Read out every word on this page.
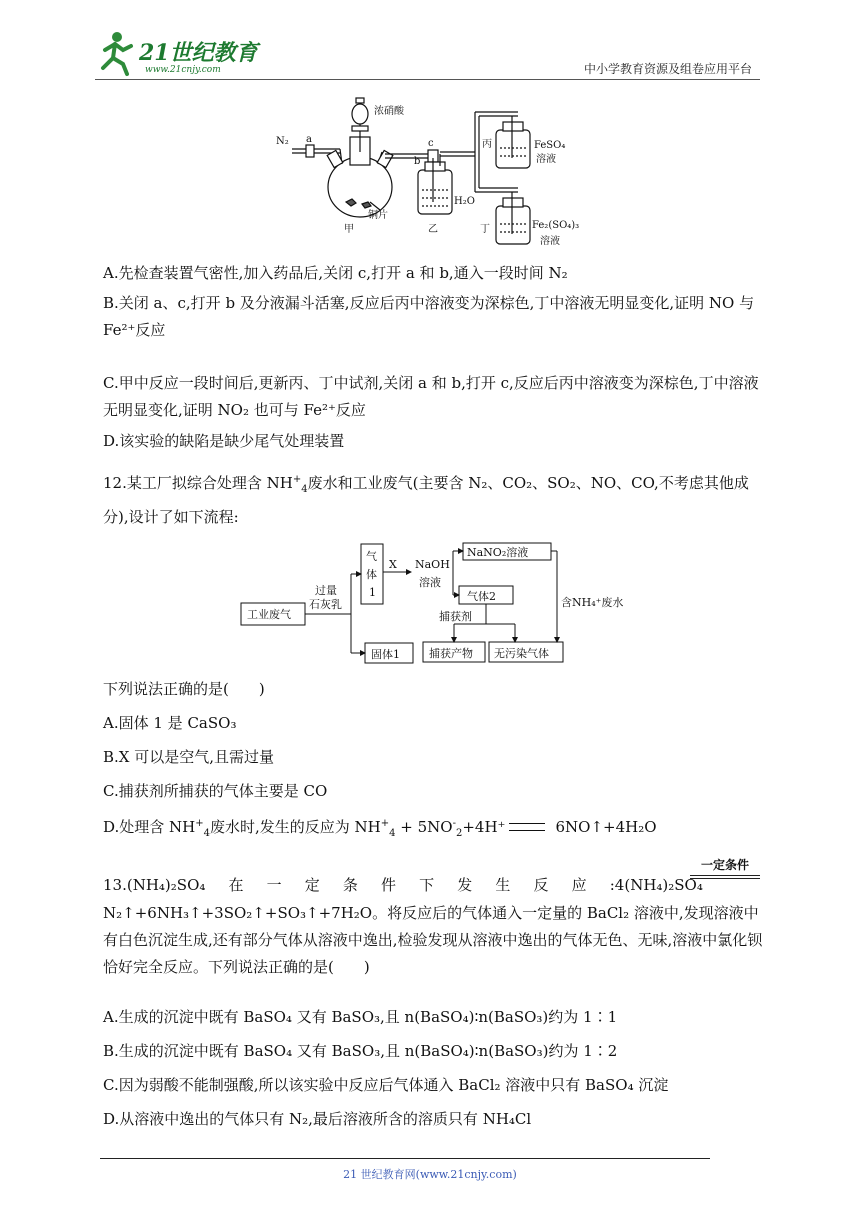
21世纪教育
www.21cnjy.com	中小学教育资源及组卷应用平台
N₂ a
浓硝酸
c
b
丙	FeSO₄
溶液
铜片
甲	乙
H₂O
丁	Fe₂(SO₄)₃
溶液
A.先检查装置气密性,加入药品后,关闭 c,打开 a 和 b,通入一段时间 N₂
B.关闭 a、c,打开 b 及分液漏斗活塞,反应后丙中溶液变为深棕色,丁中溶液无明显变化,证明 NO 与 Fe²⁺反应
C.甲中反应一段时间后,更新丙、丁中试剂,关闭 a 和 b,打开 c,反应后丙中溶液变为深棕色,丁中溶液无明显变化,证明 NO₂ 也可与 Fe²⁺反应
D.该实验的缺陷是缺少尾气处理装置
12.某工厂拟综合处理含 $NH^+_4$废水和工业废气(主要含 N₂、CO₂、SO₂、NO、CO,不考虑其他成分),设计了如下流程:
工业废气
过量
石灰乳
气
体
1
X NaOH
溶液
NaNO₂溶液
气体2	含NH₄⁺废水
捕获剂
固体1	捕获产物 无污染气体
下列说法正确的是(　　)
A.固体 1 是 CaSO₃
B.X 可以是空气,且需过量
C.捕获剂所捕获的气体主要是 CO
D.处理含 $NH^+_4$废水时,发生的反应为 $NH^+_4 + 5NO^-_2+4H^+$	6NO↑+4H₂O
13.(NH₄)₂SO₄ 在 一 定 条 件 下 发 生 反 应 :4(NH₄)₂SO₄
一定条件
N₂↑+6NH₃↑+3SO₂↑+SO₃↑+7H₂O。将反应后的气体通入一定量的 BaCl₂ 溶液中,发现溶液中有白色沉淀生成,还有部分气体从溶液中逸出,检验发现从溶液中逸出的气体无色、无味,溶液中氯化钡恰好完全反应。下列说法正确的是(　　)
A.生成的沉淀中既有 BaSO₄ 又有 BaSO₃,且 n(BaSO₄)∶n(BaSO₃)约为 1∶1
B.生成的沉淀中既有 BaSO₄ 又有 BaSO₃,且 n(BaSO₄)∶n(BaSO₃)约为 1∶2
C.因为弱酸不能制强酸,所以该实验中反应后气体通入 BaCl₂ 溶液中只有 BaSO₄ 沉淀
D.从溶液中逸出的气体只有 N₂,最后溶液所含的溶质只有 NH₄Cl
21 世纪教育网(www.21cnjy.com)
